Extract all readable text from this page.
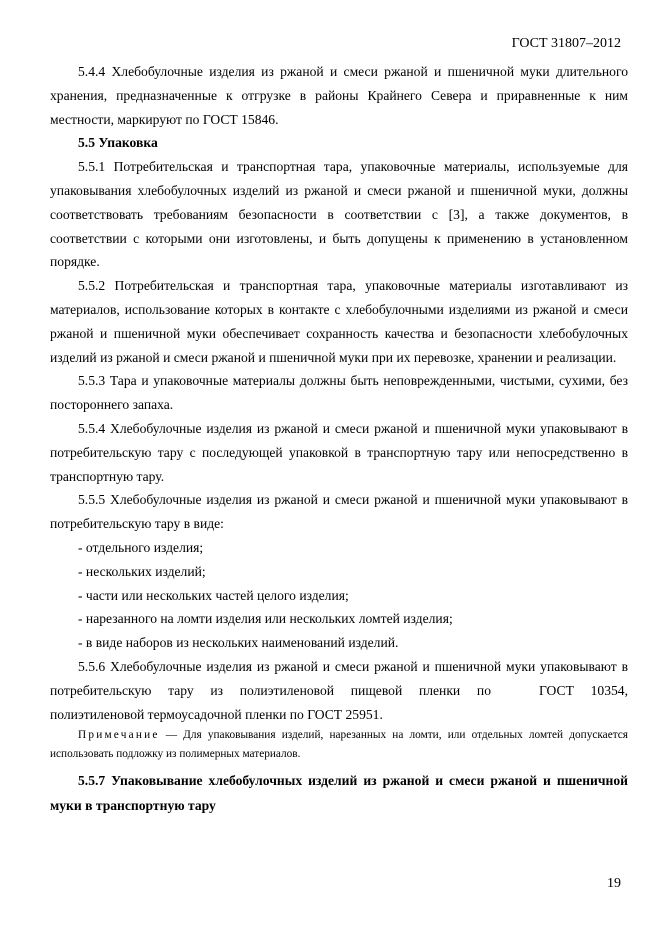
ГОСТ 31807–2012

5.4.4 Хлебобулочные изделия из ржаной и смеси ржаной и пшеничной муки длительного хранения, предназначенные к отгрузке в районы Крайнего Севера и приравненные к ним местности, маркируют по ГОСТ 15846.

5.5 Упаковка

5.5.1 Потребительская и транспортная тара, упаковочные материалы, используемые для упаковывания хлебобулочных изделий из ржаной и смеси ржаной и пшеничной муки, должны соответствовать требованиям безопасности в соответствии с [3], а также документов, в соответствии с которыми они изготовлены, и быть допущены к применению в установленном порядке.

5.5.2 Потребительская и транспортная тара, упаковочные материалы изготавливают из материалов, использование которых в контакте с хлебобулочными изделиями из ржаной и смеси ржаной и пшеничной муки обеспечивает сохранность качества и безопасности хлебобулочных изделий из ржаной и смеси ржаной и пшеничной муки при их перевозке, хранении и реализации.

5.5.3 Тара и упаковочные материалы должны быть неповрежденными, чистыми, сухими, без постороннего запаха.

5.5.4 Хлебобулочные изделия из ржаной и смеси ржаной и пшеничной муки упаковывают в потребительскую тару с последующей упаковкой в транспортную тару или непосредственно в транспортную тару.

5.5.5 Хлебобулочные изделия из ржаной и смеси ржаной и пшеничной муки упаковывают в потребительскую тару в виде:

- отдельного изделия;
- нескольких изделий;
- части или нескольких частей целого изделия;
- нарезанного на ломти изделия или нескольких ломтей изделия;
- в виде наборов из нескольких наименований изделий.

5.5.6 Хлебобулочные изделия из ржаной и смеси ржаной и пшеничной муки упаковывают в потребительскую тару из полиэтиленовой пищевой пленки по	ГОСТ 10354, полиэтиленовой термоусадочной пленки по ГОСТ 25951.

Примечание — Для упаковывания изделий, нарезанных на ломти, или отдельных ломтей допускается использовать подложку из полимерных материалов.
5.5.7 Упаковывание хлебобулочных изделий из ржаной и смеси ржаной и пшеничной муки в транспортную тару
19
